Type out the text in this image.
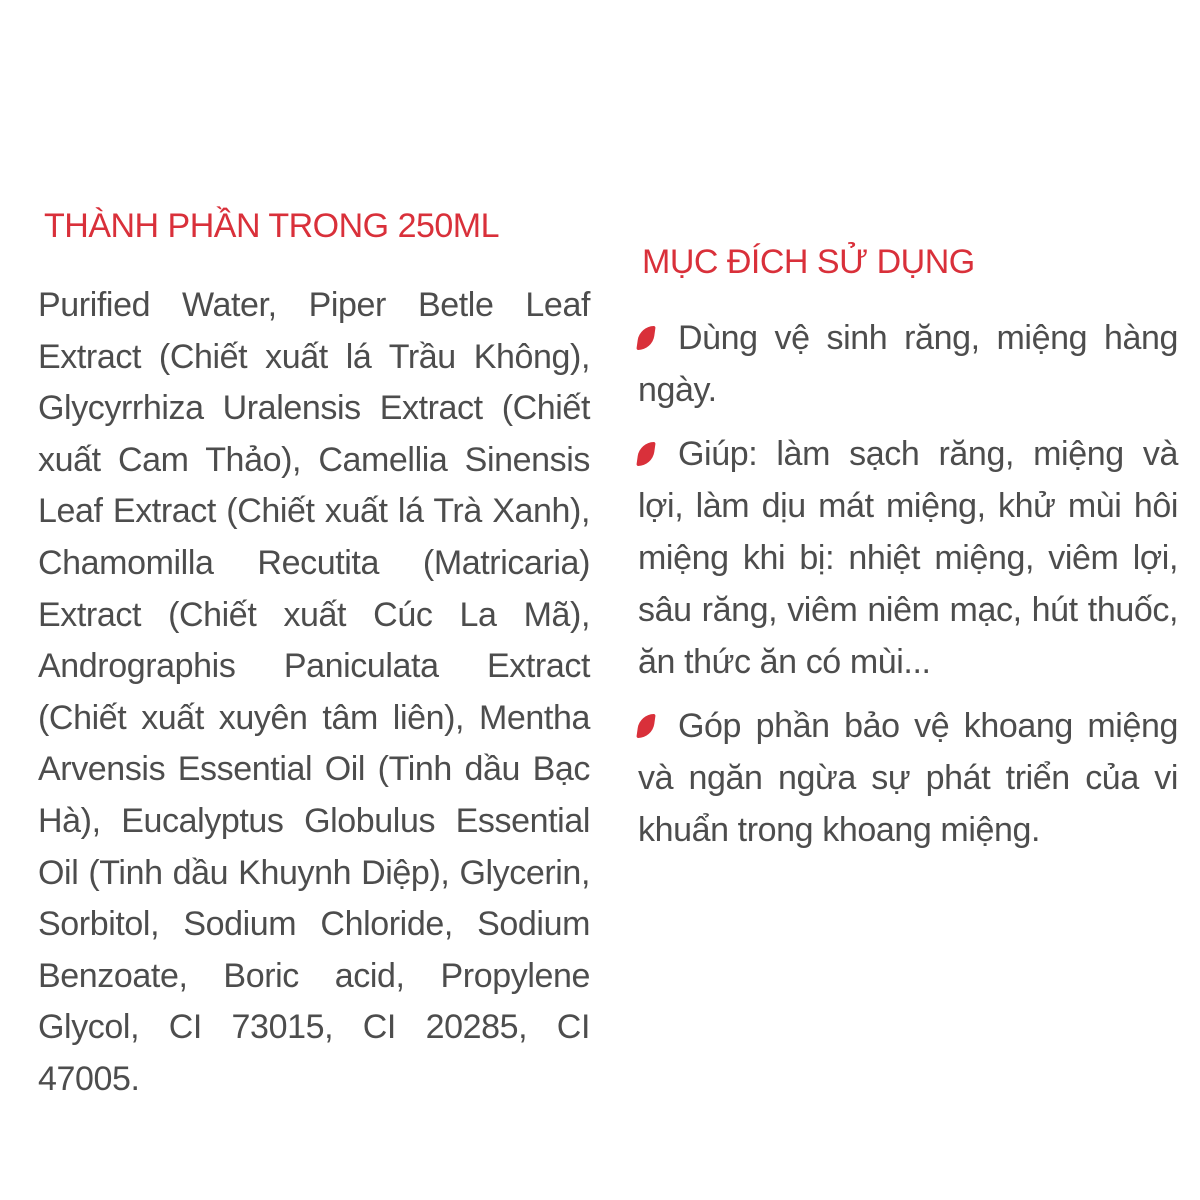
THÀNH PHẦN TRONG 250ML

Purified Water, Piper Betle Leaf Extract (Chiết xuất lá Trầu Không), Glycyrrhiza Uralensis Extract (Chiết xuất Cam Thảo), Camellia Sinensis Leaf Extract (Chiết xuất lá Trà Xanh), Chamomilla Recutita (Matricaria) Extract (Chiết xuất Cúc La Mã), Andrographis Paniculata Extract (Chiết xuất xuyên tâm liên), Mentha Arvensis Essential Oil (Tinh dầu Bạc Hà), Eucalyptus Globulus Essential Oil (Tinh dầu Khuynh Diệp), Glycerin, Sorbitol, Sodium Chloride, Sodium Benzoate, Boric acid, Propylene Glycol, CI 73015, CI 20285, CI 47005.

MỤC ĐÍCH SỬ DỤNG
Dùng vệ sinh răng, miệng hàng ngày.
Giúp: làm sạch răng, miệng và lợi, làm dịu mát miệng, khử mùi hôi miệng khi bị: nhiệt miệng, viêm lợi, sâu răng, viêm niêm mạc, hút thuốc, ăn thức ăn có mùi...
Góp phần bảo vệ khoang miệng và ngăn ngừa sự phát triển của vi khuẩn trong khoang miệng.
